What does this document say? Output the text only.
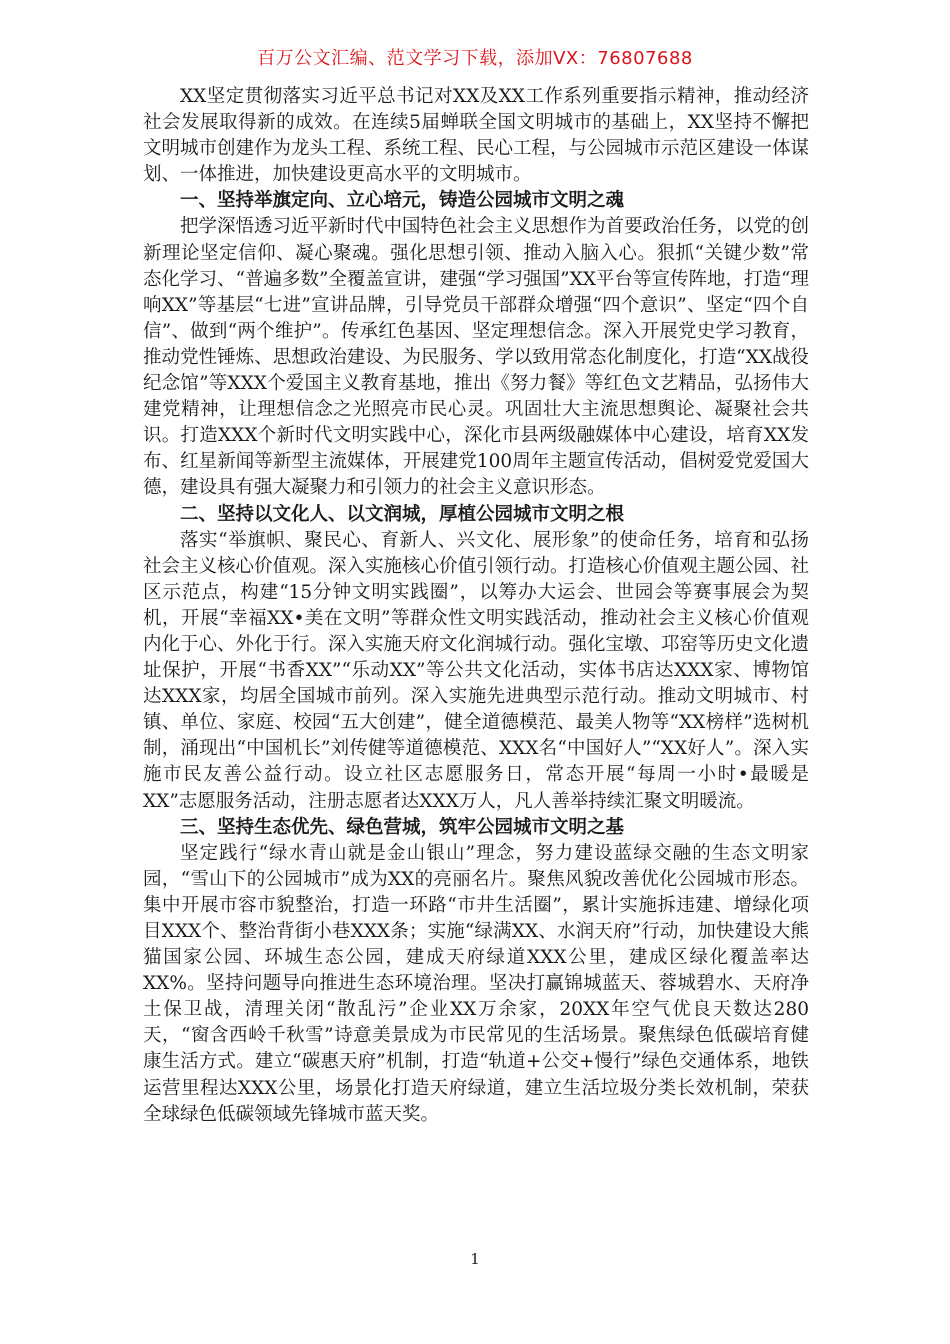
百万公文汇编、范文学习下载，添加VX：76807688

XX坚定贯彻落实习近平总书记对XX及XX工作系列重要指示精神，推动经济社会发展取得新的成效。在连续5届蝉联全国文明城市的基础上，XX坚持不懈把文明城市创建作为龙头工程、系统工程、民心工程，与公园城市示范区建设一体谋划、一体推进，加快建设更高水平的文明城市。

一、坚持举旗定向、立心培元，铸造公园城市文明之魂

把学深悟透习近平新时代中国特色社会主义思想作为首要政治任务，以党的创新理论坚定信仰、凝心聚魂。强化思想引领、推动入脑入心。狠抓“关键少数”常态化学习、“普遍多数”全覆盖宣讲，建强“学习强国”XX平台等宣传阵地，打造“理响XX”等基层“七进”宣讲品牌，引导党员干部群众增强“四个意识”、坚定“四个自信”、做到“两个维护”。传承红色基因、坚定理想信念。深入开展党史学习教育，推动党性锤炼、思想政治建设、为民服务、学以致用常态化制度化，打造“XX战役纪念馆”等XXX个爱国主义教育基地，推出《努力餐》等红色文艺精品，弘扬伟大建党精神，让理想信念之光照亮市民心灵。巩固壮大主流思想舆论、凝聚社会共识。打造XXX个新时代文明实践中心，深化市县两级融媒体中心建设，培育XX发布、红星新闻等新型主流媒体，开展建党100周年主题宣传活动，倡树爱党爱国大德，建设具有强大凝聚力和引领力的社会主义意识形态。

二、坚持以文化人、以文润城，厚植公园城市文明之根

落实“举旗帜、聚民心、育新人、兴文化、展形象”的使命任务，培育和弘扬社会主义核心价值观。深入实施核心价值引领行动。打造核心价值观主题公园、社区示范点，构建“15分钟文明实践圈”，以筹办大运会、世园会等赛事展会为契机，开展“幸福XX•美在文明”等群众性文明实践活动，推动社会主义核心价值观内化于心、外化于行。深入实施天府文化润城行动。强化宝墩、邛窑等历史文化遗址保护，开展“书香XX”“乐动XX”等公共文化活动，实体书店达XXX家、博物馆达XXX家，均居全国城市前列。深入实施先进典型示范行动。推动文明城市、村镇、单位、家庭、校园“五大创建”，健全道德模范、最美人物等“XX榜样”选树机制，涌现出“中国机长”刘传健等道德模范、XXX名“中国好人”“XX好人”。深入实施市民友善公益行动。设立社区志愿服务日，常态开展“每周一小时•最暖是XX”志愿服务活动，注册志愿者达XXX万人，凡人善举持续汇聚文明暖流。

三、坚持生态优先、绿色营城，筑牢公园城市文明之基

坚定践行“绿水青山就是金山银山”理念，努力建设蓝绿交融的生态文明家园，“雪山下的公园城市”成为XX的亮丽名片。聚焦风貌改善优化公园城市形态。集中开展市容市貌整治，打造一环路“市井生活圈”，累计实施拆违建、增绿化项目XXX个、整治背街小巷XXX条；实施“绿满XX、水润天府”行动，加快建设大熊猫国家公园、环城生态公园，建成天府绿道XXX公里，建成区绿化覆盖率达XX%。坚持问题导向推进生态环境治理。坚决打赢锦城蓝天、蓉城碧水、天府净土保卫战，清理关闭“散乱污”企业XX万余家，20XX年空气优良天数达280天，“窗含西岭千秋雪”诗意美景成为市民常见的生活场景。聚焦绿色低碳培育健康生活方式。建立“碳惠天府”机制，打造“轨道+公交+慢行”绿色交通体系，地铁运营里程达XXX公里，场景化打造天府绿道，建立生活垃圾分类长效机制，荣获全球绿色低碳领域先锋城市蓝天奖。

1
